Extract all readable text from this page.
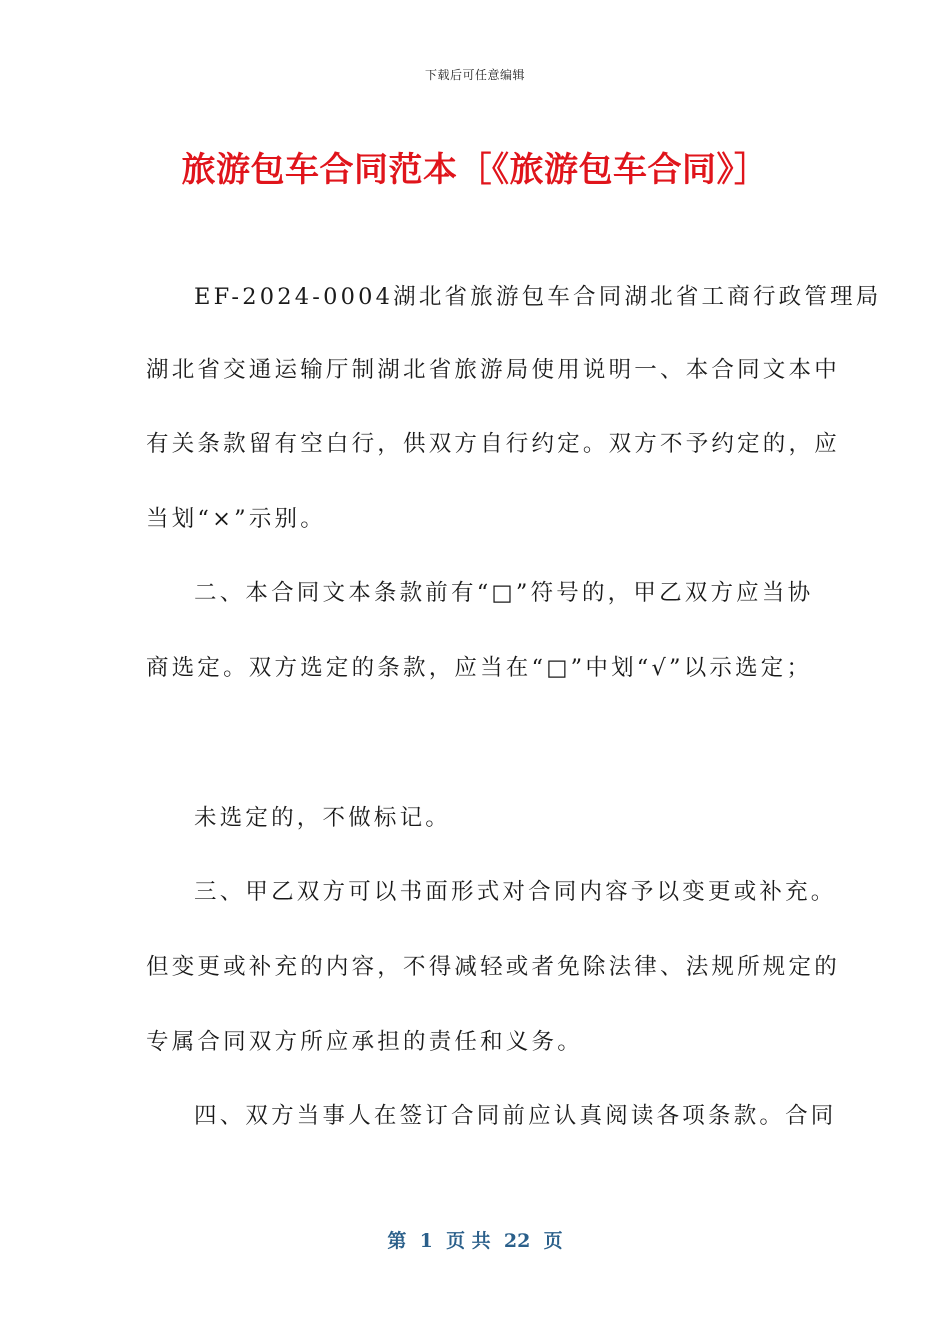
下载后可任意编辑
旅游包车合同范本［《旅游包车合同》］
EF-2024-0004湖北省旅游包车合同湖北省工商行政管理局
湖北省交通运输厅制湖北省旅游局使用说明一、本合同文本中
有关条款留有空白行，供双方自行约定。双方不予约定的，应
当划“×”示别。
二、本合同文本条款前有“□”符号的，甲乙双方应当协
商选定。双方选定的条款，应当在“□”中划“√”以示选定；
未选定的，不做标记。
三、甲乙双方可以书面形式对合同内容予以变更或补充。
但变更或补充的内容，不得减轻或者免除法律、法规所规定的
专属合同双方所应承担的责任和义务。
四、双方当事人在签订合同前应认真阅读各项条款。合同
第  1  页 共  22  页
